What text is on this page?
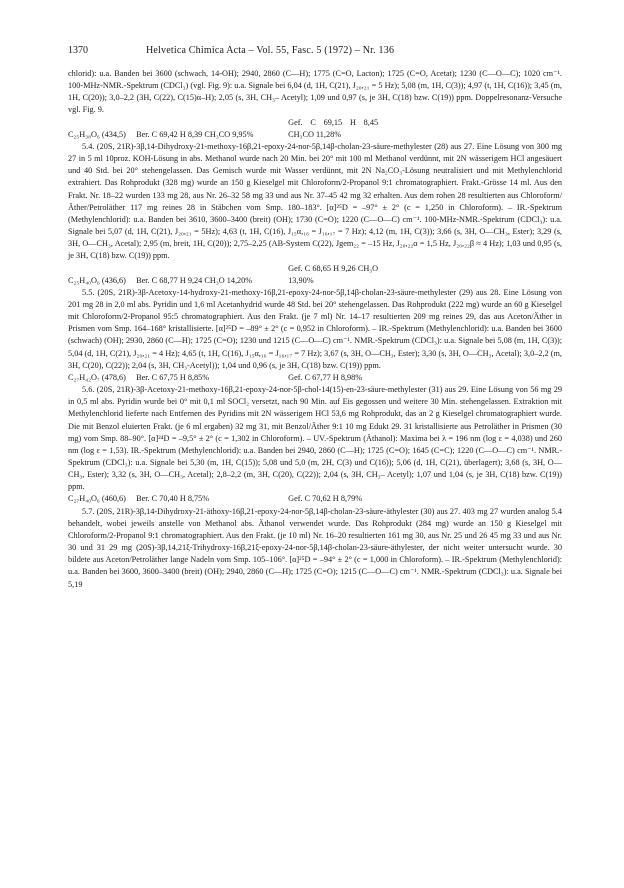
1370	Helvetica Chimica Acta – Vol. 55, Fasc. 5 (1972) – Nr. 136

chlorid): u.a. Banden bei 3600 (schwach, 14-OH); 2940, 2860 (C—H); 1775 (C=O, Lacton); 1725 (C=O, Acetat); 1230 (C—O—C); 1020 cm⁻¹. 100-MHz-NMR.-Spektrum (CDCl₃) (vgl. Fig. 9): u.a. Signale bei 6,04 (d, 1H, C(21), J₂₀,₂₁ = 5 Hz); 5,08 (m, 1H, C(3)); 4,97 (t, 1H, C(16)); 3,45 (m, 1H, C(20)); 3,0–2,2 (3H, C(22), C(15)α–H); 2,05 (s, 3H, CH₃– Acetyl); 1,09 und 0,97 (s, je 3H, C(18) bzw. C(19)) ppm. Doppelresonanz-Versuche vgl. Fig. 9.

C₂₅H₃₈O₆ (434,5) Ber. C 69,42 H 8,39 CH₃CO 9,95% Gef. C 69,15 H 8,45 CH₃CO 11,28%

5.4. (20S, 21R)-3β,14-Dihydroxy-21-methoxy-16β,21-epoxy-24-nor-5β,14β-cholan-23-säure-methylester (28) aus 27. Eine Lösung von 300 mg 27 in 5 ml 10proz. KOH-Lösung in abs. Methanol wurde nach 20 Min. bei 20° mit 100 ml Methanol verdünnt, mit 2N wässerigem HCl angesäuert und 40 Std. bei 20° stehengelassen. Das Gemisch wurde mit Wasser verdünnt, mit 2N Na₂CO₃-Lösung neutralisiert und mit Methylenchlorid extrahiert. Das Rohprodukt (328 mg) wurde an 150 g Kieselgel mit Chloroform/2-Propanol 9:1 chromatographiert. Frakt.-Grösse 14 ml. Aus den Frakt. Nr. 18–22 wurden 133 mg 28, aus Nr. 26–32 58 mg 33 und aus Nr. 37–45 42 mg 32 erhalten. Aus dem rohen 28 resultierten aus Chloroform/Äther/Petroläther 117 mg reines 28 in Stäbchen vom Smp. 180–183°. [α]²⁵D = –97° ± 2° (c = 1,250 in Chloroform). – IR.-Spektrum (Methylenchlorid): u.a. Banden bei 3610, 3600–3400 (breit) (OH); 1730 (C=O); 1220 (C—O—C) cm⁻¹. 100-MHz-NMR.-Spektrum (CDCl₃): u.a. Signale bei 5,07 (d, 1H, C(21), J₂₀,₂₁ = 5Hz); 4,63 (t, 1H, C(16), J₁₅α,₁₆ = J₁₆,₁₇ = 7 Hz); 4,12 (m, 1H, C(3)); 3,66 (s, 3H, O—CH₃, Ester); 3,29 (s, 3H, O—CH₃, Acetal); 2,95 (m, breit, 1H, C(20)); 2,75–2,25 (AB-System C(22), Jgem₂₂ = –15 Hz, J₂₀,₂₂α = 1,5 Hz, J₂₀,₂₂β ≈ 4 Hz); 1,03 und 0,95 (s, je 3H, C(18) bzw. C(19)) ppm.

C₂₅H₄₀O₆ (436,6) Ber. C 68,77 H 9,24 CH₃O 14,20% Gef. C 68,65 H 9,26 CH₃O 13,90%

5.5. (20S, 21R)-3β-Acetoxy-14-hydroxy-21-methoxy-16β,21-epoxy-24-nor-5β,14β-cholan-23-säure-methylester (29) aus 28. Eine Lösung von 201 mg 28 in 2,0 ml abs. Pyridin und 1,6 ml Acetanhydrid wurde 48 Std. bei 20° stehengelassen. Das Rohprodukt (222 mg) wurde an 60 g Kieselgel mit Chloroform/2-Propanol 95:5 chromatographiert. Aus den Frakt. (je 7 ml) Nr. 14–17 resultierten 209 mg reines 29, das aus Aceton/Äther in Prismen vom Smp. 164–168° kristallisierte. [α]²⁵D = –89° ± 2° (c = 0,952 in Chloroform). – IR.-Spektrum (Methylenchlorid): u.a. Banden bei 3600 (schwach) (OH); 2930, 2860 (C—H); 1725 (C=O); 1230 und 1215 (C—O—C) cm⁻¹. NMR.-Spektrum (CDCl₃): u.a. Signale bei 5,08 (m, 1H, C(3)); 5,04 (d, 1H, C(21), J₂₀,₂₁ = 4 Hz); 4,65 (t, 1H, C(16), J₁₅α,₁₆ = J₁₆,₁₇ = 7 Hz); 3,67 (s, 3H, O—CH₃, Ester); 3,30 (s, 3H, O—CH₃, Acetal); 3,0–2,2 (m, 3H, C(20), C(22)); 2,04 (s, 3H, CH₃-Acetyl)); 1,04 und 0,96 (s, je 3H, C(18) bzw. C(19)) ppm.

C₂₇H₄₂O₇ (478,6) Ber. C 67,75 H 8,85%	Gef. C 67,77 H 8,98%

5.6. (20S, 21R)-3β-Acetoxy-21-methoxy-16β,21-epoxy-24-nor-5β-chol-14(15)-en-23-säure-methylester (31) aus 29. Eine Lösung von 56 mg 29 in 0,5 ml abs. Pyridin wurde bei 0° mit 0,1 ml SOCl₂ versetzt, nach 90 Min. auf Eis gegossen und weitere 30 Min. stehengelassen. Extraktion mit Methylenchlorid lieferte nach Entfernen des Pyridins mit 2N wässerigem HCl 53,6 mg Rohprodukt, das an 2 g Kieselgel chromatographiert wurde. Die mit Benzol eluierten Frakt. (je 6 ml ergaben) 32 mg 31, mit Benzol/Äther 9:1 10 mg Edukt 29. 31 kristallisierte aus Petroläther in Prismen (30 mg) vom Smp. 88–90°. [α]²⁴D = –9,5° ± 2° (c = 1,302 in Chloroform). – UV.-Spektrum (Äthanol): Maxima bei λ = 196 nm (log ε = 4,038) und 260 nm (log ε = 1,53). IR.-Spektrum (Methylenchlorid): u.a. Banden bei 2940, 2860 (C—H); 1725 (C=O); 1645 (C=C); 1220 (C—O—C) cm⁻¹. NMR.-Spektrum (CDCl₃): u.a. Signale bei 5,30 (m, 1H, C(15)); 5,08 und 5,0 (m, 2H, C(3) und C(16)); 5,06 (d, 1H, C(21), überlagert); 3,68 (s, 3H, O—CH₃, Ester); 3,32 (s, 3H, O—CH₃, Acetal); 2,8–2,2 (m, 3H, C(20), C(22)); 2,04 (s, 3H, CH₃– Acetyl); 1,07 und 1,04 (s, je 3H, C(18) bzw. C(19)) ppm.

C₂₇H₄₀O₆ (460,6) Ber. C 70,40 H 8,75%	Gef. C 70,62 H 8,79%

5.7. (20S, 21R)-3β,14-Dihydroxy-21-äthoxy-16β,21-epoxy-24-nor-5β,14β-cholan-23-säure-äthylester (30) aus 27. 403 mg 27 wurden analog 5.4 behandelt, wobei jeweils anstelle von Methanol abs. Äthanol verwendet wurde. Das Rohprodukt (284 mg) wurde an 150 g Kieselgel mit Chloroform/2-Propanol 9:1 chromatographiert. Aus den Frakt. (je 10 ml) Nr. 16–20 resultierten 161 mg 30, aus Nr. 25 und 26 45 mg 33 und aus Nr. 30 und 31 29 mg (20S)-3β,14,21ξ-Trihydroxy-16β,21ξ-epoxy-24-nor-5β,14β-cholan-23-säure-äthylester, der nicht weiter untersucht wurde. 30 bildete aus Aceton/Petroläther lange Nadeln vom Smp. 105–106°. [α]²⁵D = –94° ± 2° (c = 1,000 in Chloroform). – IR.-Spektrum (Methylenchlorid): u.a. Banden bei 3600, 3600–3400 (breit) (OH); 2940, 2860 (C—H); 1725 (C=O); 1215 (C—O—C) cm⁻¹. NMR.-Spektrum (CDCl₃): u.a. Signale bei 5,19
